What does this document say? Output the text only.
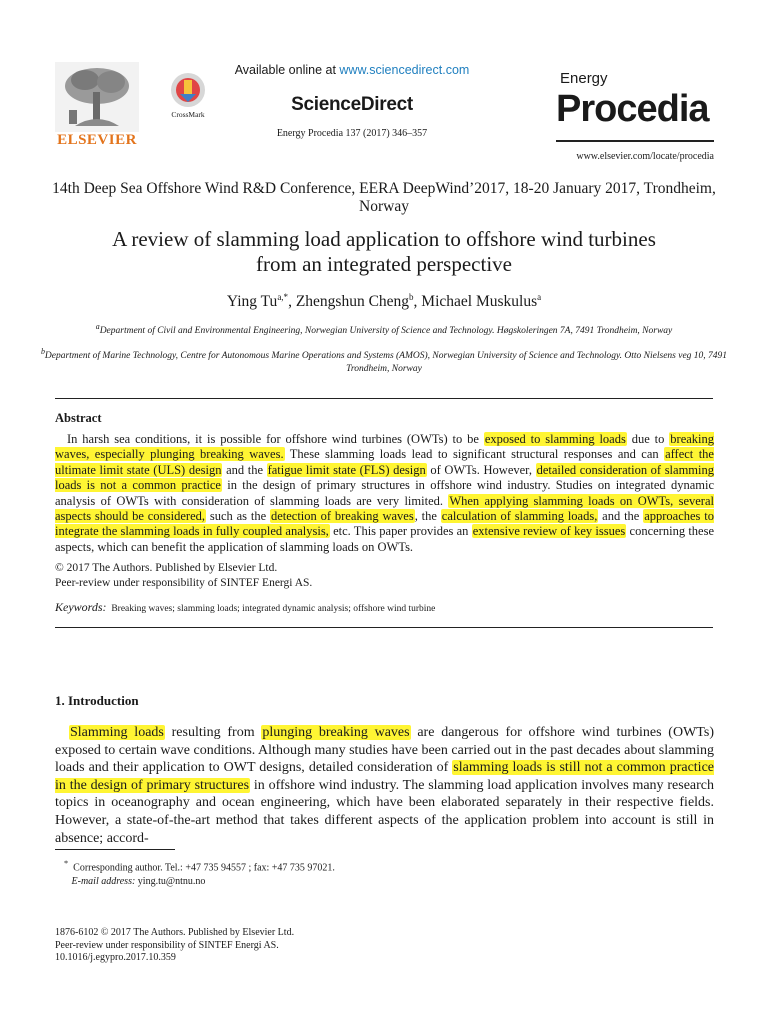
ELSEVIER
CrossMark
Available online at www.sciencedirect.com
ScienceDirect
Energy Procedia 137 (2017) 346–357
Energy
Procedia
www.elsevier.com/locate/procedia
14th Deep Sea Offshore Wind R&D Conference, EERA DeepWind’2017, 18-20 January 2017, Trondheim, Norway
A review of slamming load application to offshore wind turbines
from an integrated perspective
Ying $Tu^{a,*}$, Zhengshun Cheng$^b$, Michael Muskulus$^a$
$^a$Department of Civil and Environmental Engineering, Norwegian University of Science and Technology. Høgskoleringen 7A, 7491 Trondheim, Norway
$^b$Department of Marine Technology, Centre for Autonomous Marine Operations and Systems (AMOS), Norwegian University of Science and Technology. Otto Nielsens veg 10, 7491 Trondheim, Norway
Abstract
In harsh sea conditions, it is possible for offshore wind turbines (OWTs) to be exposed to slamming loads due to breaking waves, especially plunging breaking waves. These slamming loads lead to significant structural responses and can affect the ultimate limit state (ULS) design and the fatigue limit state (FLS) design of OWTs. However, detailed consideration of slamming loads is not a common practice in the design of primary structures in offshore wind industry. Studies on integrated dynamic analysis of OWTs with consideration of slamming loads are very limited. When applying slamming loads on OWTs, several aspects should be considered, such as the detection of breaking waves, the calculation of slamming loads, and the approaches to integrate the slamming loads in fully coupled analysis, etc. This paper provides an extensive review of key issues concerning these aspects, which can benefit the application of slamming loads on OWTs.
© 2017 The Authors. Published by Elsevier Ltd.
Peer-review under responsibility of SINTEF Energi AS.
Keywords: Breaking waves; slamming loads; integrated dynamic analysis; offshore wind turbine
1. Introduction
Slamming loads resulting from plunging breaking waves are dangerous for offshore wind turbines (OWTs) exposed to certain wave conditions. Although many studies have been carried out in the past decades about slamming loads and their application to OWT designs, detailed consideration of slamming loads is still not a common practice in the design of primary structures in offshore wind industry. The slamming load application involves many research topics in oceanography and ocean engineering, which have been elaborated separately in their respective fields. However, a state-of-the-art method that takes different aspects of the application problem into account is still in absence; accord-
* Corresponding author. Tel.: +47 735 94557 ; fax: +47 735 97021.
E-mail address: ying.tu@ntnu.no
1876-6102 © 2017 The Authors. Published by Elsevier Ltd.
Peer-review under responsibility of SINTEF Energi AS.
10.1016/j.egypro.2017.10.359
